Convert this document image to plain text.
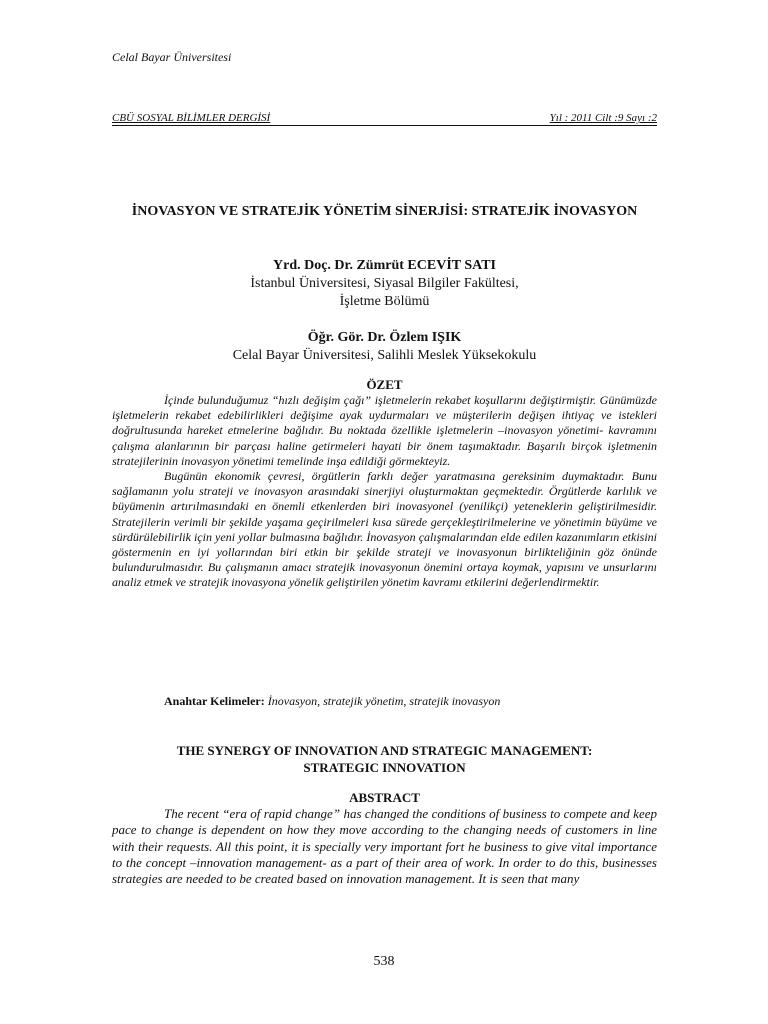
Celal Bayar Üniversitesi
CBÜ SOSYAL BİLİMLER DERGİSİ	Yıl : 2011 Cilt :9 Sayı :2
İNOVASYON VE STRATEJİK YÖNETİM SİNERJİSİ: STRATEJİK İNOVASYON
Yrd. Doç. Dr. Zümrüt ECEVİT SATI
İstanbul Üniversitesi, Siyasal Bilgiler Fakültesi,
İşletme Bölümü
Öğr. Gör. Dr. Özlem IŞIK
Celal Bayar Üniversitesi, Salihli Meslek Yüksekokulu
ÖZET

İçinde bulunduğumuz “hızlı değişim çağı” işletmelerin rekabet koşullarını değiştirmiştir. Günümüzde işletmelerin rekabet edebilirlikleri değişime ayak uydurmaları ve müşterilerin değişen ihtiyaç ve istekleri doğrultusunda hareket etmelerine bağlıdır. Bu noktada özellikle işletmelerin –inovasyon yönetimi- kavramını çalışma alanlarının bir parçası haline getirmeleri hayati bir önem taşımaktadır. Başarılı birçok işletmenin stratejilerinin inovasyon yönetimi temelinde inşa edildiği görmekteyiz.

Bugünün ekonomik çevresi, örgütlerin farklı değer yaratmasına gereksinim duymaktadır. Bunu sağlamanın yolu strateji ve inovasyon arasındaki sinerjiyi oluşturmaktan geçmektedir. Örgütlerde karlılık ve büyümenin artırılmasındaki en önemli etkenlerden biri inovasyonel (yenilikçi) yeteneklerin geliştirilmesidir. Stratejilerin verimli bir şekilde yaşama geçirilmeleri kısa sürede gerçekleştirilmelerine ve yönetimin büyüme ve sürdürülebilirlik için yeni yollar bulmasına bağlıdır. İnovasyon çalışmalarından elde edilen kazanımların etkisini göstermenin en iyi yollarından biri etkin bir şekilde strateji ve inovasyonun birlikteliğinin göz önünde bulundurulmasıdır. Bu çalışmanın amacı stratejik inovasyonun önemini ortaya koymak, yapısını ve unsurlarını analiz etmek ve stratejik inovasyona yönelik geliştirilen yönetim kavramı etkilerini değerlendirmektir.

Anahtar Kelimeler: İnovasyon, stratejik yönetim, stratejik inovasyon
THE SYNERGY OF INNOVATION AND STRATEGIC MANAGEMENT:
STRATEGIC INNOVATION
ABSTRACT

The recent “era of rapid change” has changed the conditions of business to compete and keep pace to change is dependent on how they move according to the changing needs of customers in line with their requests. All this point, it is specially very important fort he business to give vital importance to the concept –innovation management- as a part of their area of work. In order to do this, businesses strategies are needed to be created based on innovation management. It is seen that many

538
